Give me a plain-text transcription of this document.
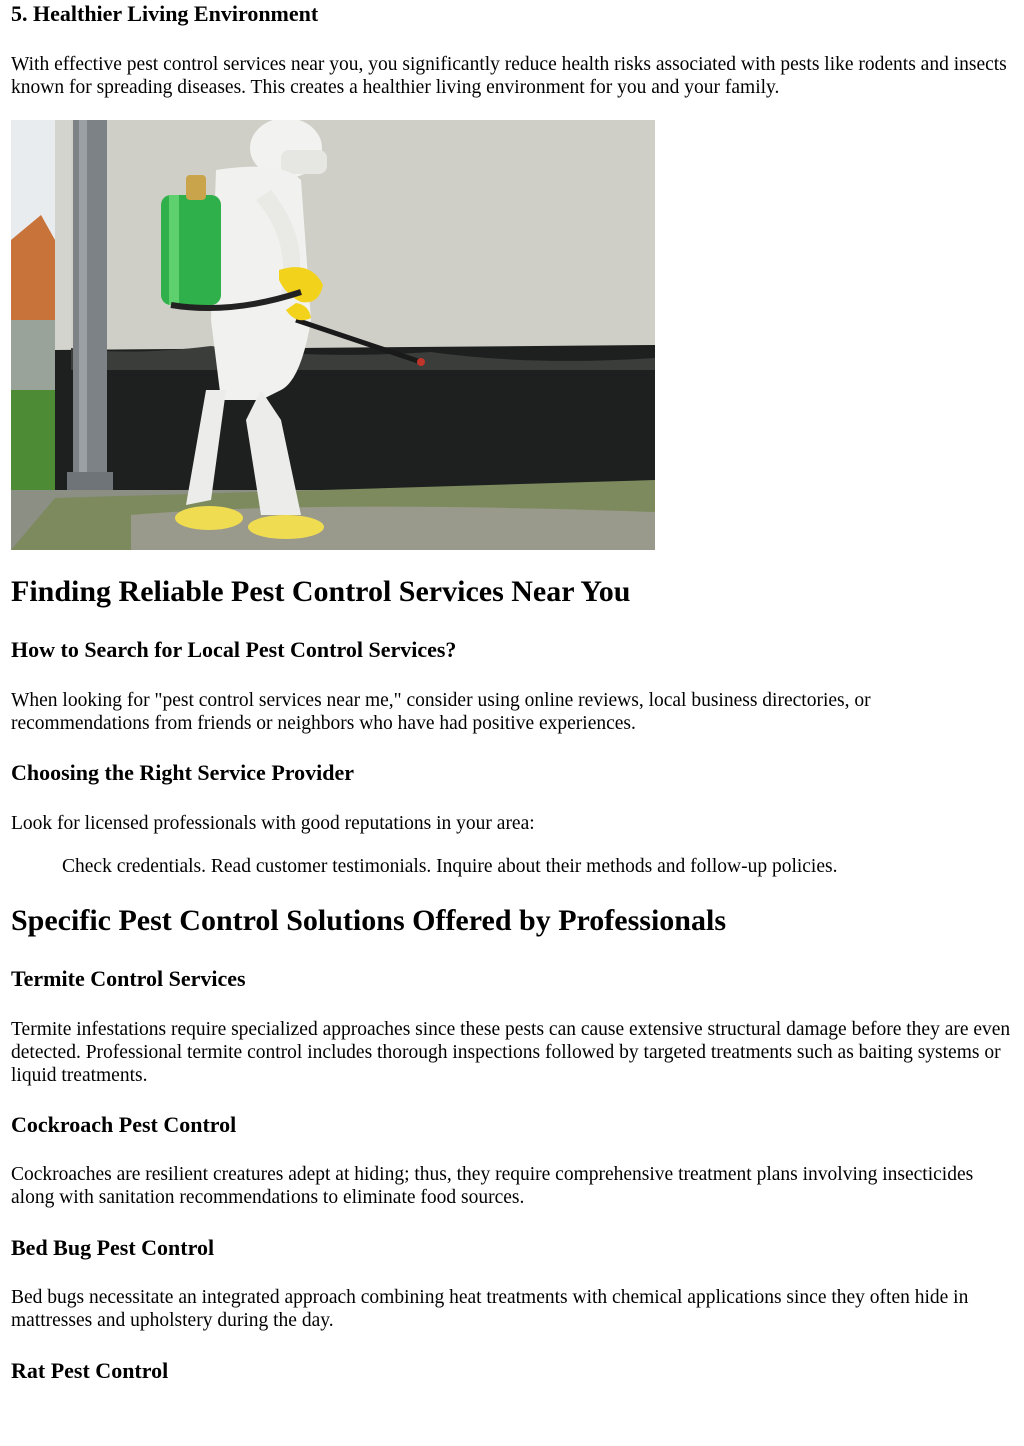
5. Healthier Living Environment

With effective pest control services near you, you significantly reduce health risks associated with pests like rodents and insects known for spreading diseases. This creates a healthier living environment for you and your family.

Finding Reliable Pest Control Services Near You
How to Search for Local Pest Control Services?

When looking for "pest control services near me," consider using online reviews, local business directories, or recommendations from friends or neighbors who have had positive experiences.

Choosing the Right Service Provider

Look for licensed professionals with good reputations in your area:

Check credentials. Read customer testimonials. Inquire about their methods and follow-up policies.

Specific Pest Control Solutions Offered by Professionals
Termite Control Services

Termite infestations require specialized approaches since these pests can cause extensive structural damage before they are even detected. Professional termite control includes thorough inspections followed by targeted treatments such as baiting systems or liquid treatments.

Cockroach Pest Control

Cockroaches are resilient creatures adept at hiding; thus, they require comprehensive treatment plans involving insecticides along with sanitation recommendations to eliminate food sources.

Bed Bug Pest Control

Bed bugs necessitate an integrated approach combining heat treatments with chemical applications since they often hide in mattresses and upholstery during the day.

Rat Pest Control
